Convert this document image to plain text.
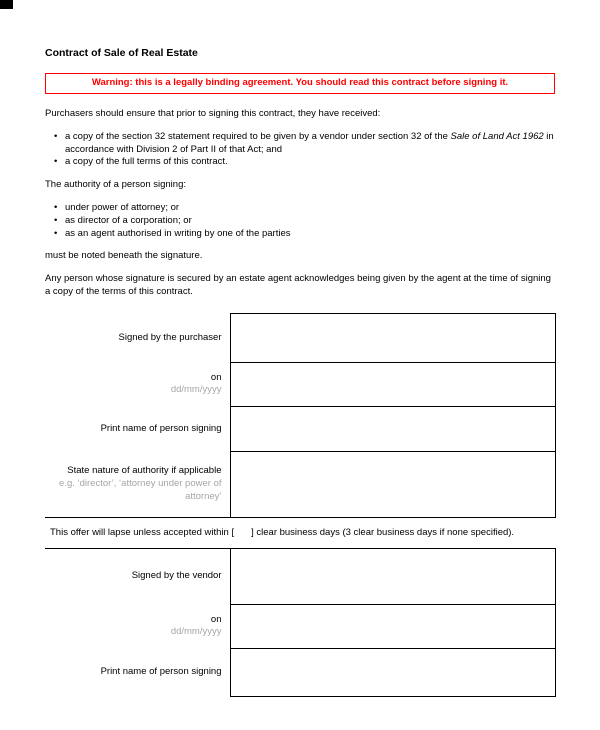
Contract of Sale of Real Estate
Warning: this is a legally binding agreement. You should read this contract before signing it.

Purchasers should ensure that prior to signing this contract, they have received:

• a copy of the section 32 statement required to be given by a vendor under section 32 of the Sale of Land Act 1962 in accordance with Division 2 of Part II of that Act; and
• a copy of the full terms of this contract.

The authority of a person signing:

• under power of attorney; or
• as director of a corporation; or
• as an agent authorised in writing by one of the parties

must be noted beneath the signature.

Any person whose signature is secured by an estate agent acknowledges being given by the agent at the time of signing a copy of the terms of this contract.

Signed by the purchaser	

on
dd/mm/yyyy	

Print name of person signing	

State nature of authority if applicable
e.g. ‘director’, ‘attorney under power of attorney’	

This offer will lapse unless accepted within [ ] clear business days (3 clear business days if none specified).	
Signed by the vendor	

on
dd/mm/yyyy	

Print name of person signing	
